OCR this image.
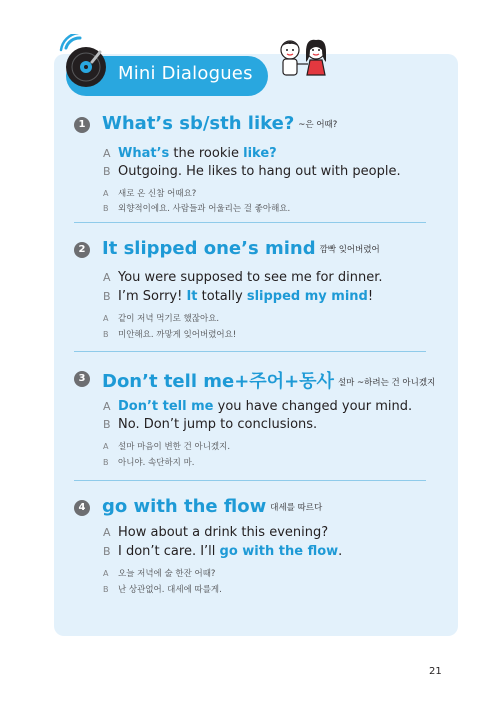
Mini Dialogues
1 What’s sb/sth like? ~은 어때?
A What’s the rookie like?
B Outgoing. He likes to hang out with people.
A 새로 온 신참 어때요?
B 외향적이에요. 사람들과 어울리는 걸 좋아해요.
2 It slipped one’s mind 깜빡 잊어버렸어
A You were supposed to see me for dinner.
B I’m Sorry! It totally slipped my mind!
A 같이 저녁 먹기로 했잖아요.
B 미안해요. 까맣게 잊어버렸어요!
3 Don’t tell me+주어+동사 설마 ~하려는 건 아니겠지
A Don’t tell me you have changed your mind.
B No. Don’t jump to conclusions.
A 설마 마음이 변한 건 아니겠지.
B 아니야. 속단하지 마.
4 go with the flow 대세를 따르다
A How about a drink this evening?
B I don’t care. I’ll go with the flow.
A 오늘 저녁에 술 한잔 어때?
B 난 상관없어. 대세에 따를게.
21
